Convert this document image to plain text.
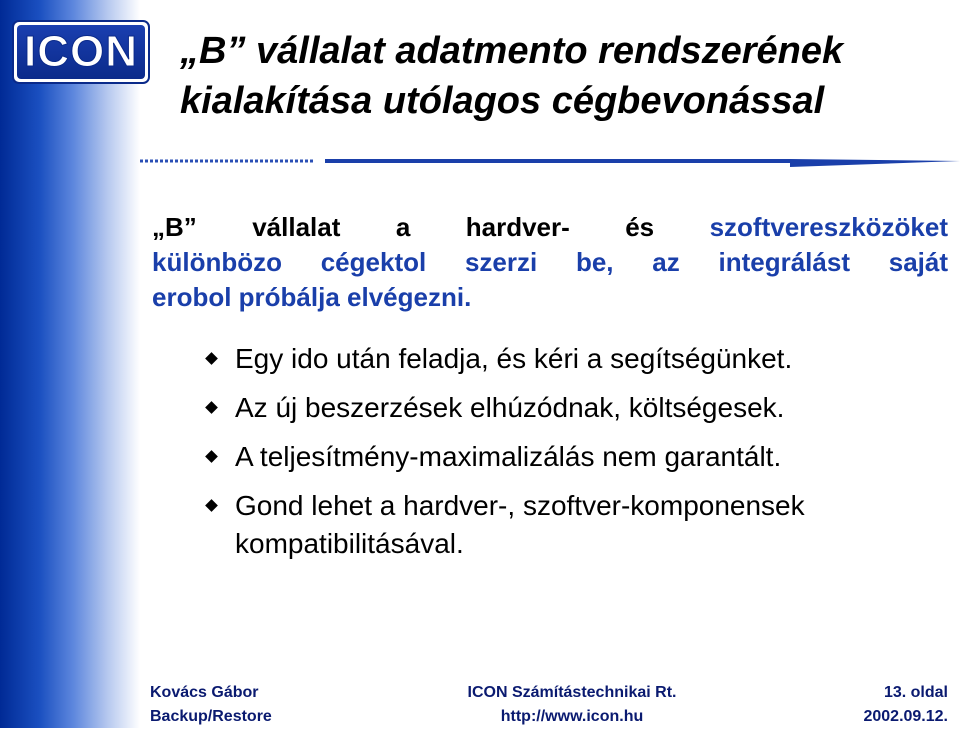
ICON „B” vállalat adatmento rendszerének
kialakítása utólagos cégbevonással
„B” vállalat a hardver- és szoftvereszközöket
különbözo cégektol szerzi be, az integrálást saját
erobol próbálja elvégezni.
Egy ido után feladja, és kéri a segítségünket.
Az új beszerzések elhúzódnak, költségesek.
A teljesítmény-maximalizálás nem garantált.
Gond lehet a hardver-, szoftver-komponensek kompatibilitásával.
Kovács Gábor
Backup/Restore
ICON Számítástechnikai Rt.
http://www.icon.hu
13. oldal
2002.09.12.
